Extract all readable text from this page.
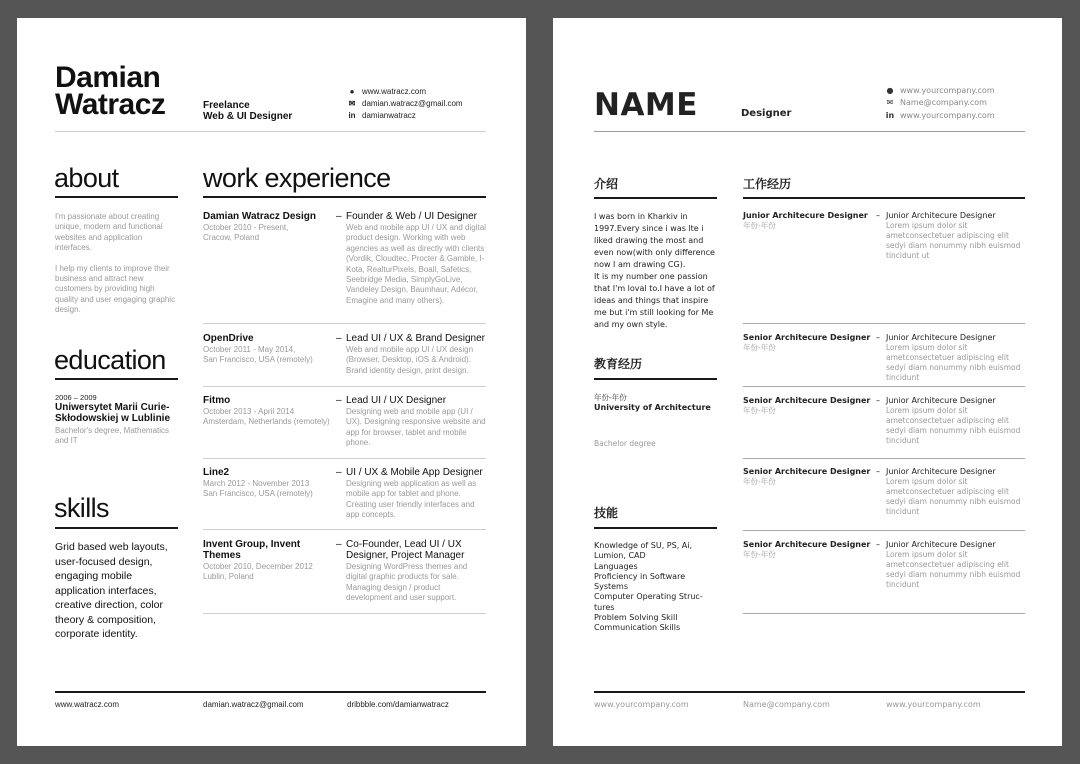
Damian
Watracz	Freelance
Web & UI Designer
● www.watracz.com
✉ damian.watracz@gmail.com
in damianwatracz
about
I'm passionate about creating unique, modern and functional websites and application interfaces.
I help my clients to improve their business and attract new customers by providing high quality and user engaging graphic design.
education
2006 – 2009
Uniwersytet Marii Curie-Skłodowskiej w Lublinie
Bachelor's degree, Mathematics and IT
skills
Grid based web layouts, user-focused design, engaging mobile application interfaces, creative direction, color theory & composition, corporate identity.
work experience
Damian Watracz Design
October 2010 - Present,
Cracow, Poland
– Founder & Web / UI Designer
Web and mobile app UI / UX and digital product design. Working with web agencies as well as directly with clients (Vordik, Cloudtec, Procter & Gamble, I-Kota, RealturPixels, Boall, Safetics, Seebridge Media, SimplyGoLive, Vandeley Design, Baumhaur, Adécor, Emagine and many others).
OpenDrive
October 2011 - May 2014,
San Francisco, USA (remotely)
– Lead UI / UX & Brand Designer
Web and mobile app UI / UX design (Browser, Desktop, iOS & Android). Brand identity design, print design.
Fitmo
October 2013 - April 2014
Amsterdam, Netherlands (remotely)
– Lead UI / UX Designer
Designing web and mobile app (UI / UX). Designing responsive website and app for browser, tablet and mobile phone.
Line2
March 2012 - November 2013
San Francisco, USA (remotely)
– UI / UX & Mobile App Designer
Designing web application as well as mobile app for tablet and phone. Creating user friendly interfaces and app concepts.
Invent Group, Invent Themes
October 2010, December 2012
Lublin, Poland
– Co-Founder, Lead UI / UX Designer, Project Manager
Designing WordPress themes and digital graphic products for sale. Managing design / product development and user support.
www.watracz.com	damian.watracz@gmail.com	dribbble.com/damianwatracz
NAME	Designer
● www.yourcompany.com
✉ Name@company.com
in www.yourcompany.com
介绍
I was born in Kharkiv in
1997.Every since i was lte i
liked drawing the most and
even now(with only difference
now I am drawing CG).
It is my number one passion
that I'm loval to.I have a lot of
ideas and things that inspire
me but i'm still looking for Me
and my own style.
教育经历
年份-年份
University of Architecture
Bachelor degree
技能
Knowledge of SU, PS, Ai,
Lumion, CAD
Languages
Proficiency in Software
Systems
Computer Operating Struc-
tures
Problem Solving Skill
Communication Skills
工作经历
Junior Architecure Designer
年份-年份
– Junior Architecure Designer
Lorem ipsum dolor sit ametconsectetuer adipiscing elit sedyi diam nonummy nibh euismod tincidunt ut
Senior Architecure Designer
年份-年份
– Junior Architecure Designer
Lorem ipsum dolor sit ametconsectetuer adipiscing elit sedyi diam nonummy nibh euismod tincidunt
Senior Architecure Designer
年份-年份
– Junior Architecure Designer
Lorem ipsum dolor sit ametconsectetuer adipiscing elit sedyi diam nonummy nibh euismod tincidunt
Senior Architecure Designer
年份-年份
– Junior Architecure Designer
Lorem ipsum dolor sit ametconsectetuer adipiscing elit sedyi diam nonummy nibh euismod tincidunt
Senior Architecure Designer
年份-年份
– Junior Architecure Designer
Lorem ipsum dolor sit ametconsectetuer adipiscing elit sedyi diam nonummy nibh euismod tincidunt
www.yourcompany.com	Name@company.com	www.yourcompany.com
